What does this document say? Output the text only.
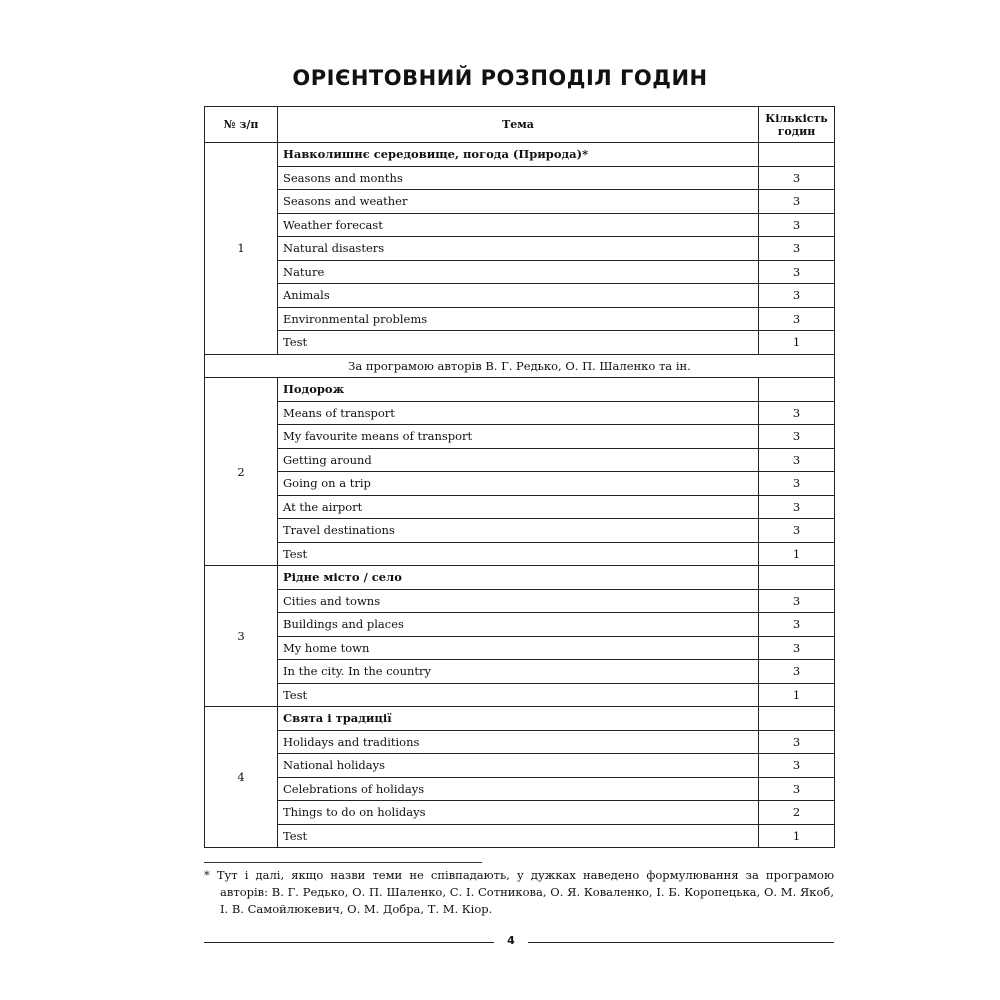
ОРІЄНТОВНИЙ РОЗПОДІЛ ГОДИН
№ з/п	Тема	Кількість годин
1	Навколишнє середовище, погода (Природа)*	
	Seasons and months	3
	Seasons and weather	3
	Weather forecast	3
	Natural disasters	3
	Nature	3
	Animals	3
	Environmental problems	3
	Test	1
За програмою авторів В. Г. Редько, О. П. Шаленко та ін.		
2	Подорож	
	Means of transport	3
	My favourite means of transport	3
	Getting around	3
	Going on a trip	3
	At the airport	3
	Travel destinations	3
	Test	1
3	Рідне місто / село	
	Cities and towns	3
	Buildings and places	3
	My home town	3
	In the city. In the country	3
	Test	1
4	Свята і традиції	
	Holidays and traditions	3
	National holidays	3
	Celebrations of holidays	3
	Things to do on holidays	2
	Test	1
* Тут і далі, якщо назви теми не співпадають, у дужках наведено формулювання за програмою авторів: В. Г. Редько, О. П. Шаленко, С. І. Сотникова, О. Я. Коваленко, І. Б. Коропецька, О. М. Якоб, І. В. Самойлюкевич, О. М. Добра, Т. М. Кіор.
4
